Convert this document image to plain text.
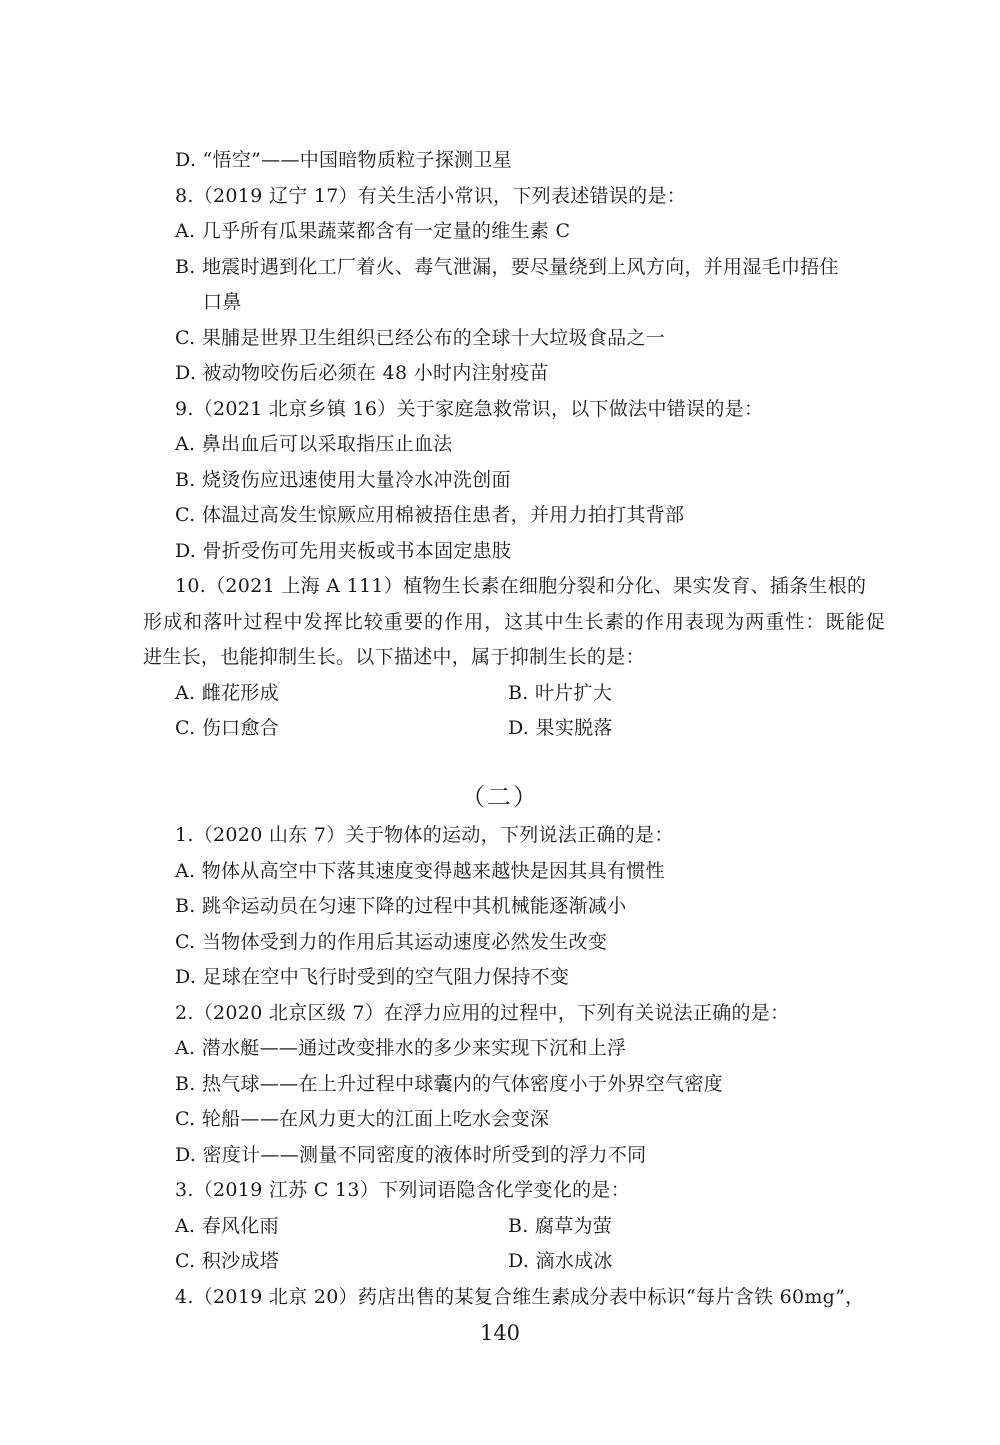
D. “悟空”——中国暗物质粒子探测卫星
8.（2019 辽宁 17）有关生活小常识，下列表述错误的是：
A. 几乎所有瓜果蔬菜都含有一定量的维生素 C
B. 地震时遇到化工厂着火、毒气泄漏，要尽量绕到上风方向，并用湿毛巾捂住
口鼻
C. 果脯是世界卫生组织已经公布的全球十大垃圾食品之一
D. 被动物咬伤后必须在 48 小时内注射疫苗
9.（2021 北京乡镇 16）关于家庭急救常识，以下做法中错误的是：
A. 鼻出血后可以采取指压止血法
B. 烧烫伤应迅速使用大量冷水冲洗创面
C. 体温过高发生惊厥应用棉被捂住患者，并用力拍打其背部
D. 骨折受伤可先用夹板或书本固定患肢
10.（2021 上海 A 111）植物生长素在细胞分裂和分化、果实发育、插条生根的
形成和落叶过程中发挥比较重要的作用，这其中生长素的作用表现为两重性：既能促
进生长，也能抑制生长。以下描述中，属于抑制生长的是：
A. 雌花形成	B. 叶片扩大
C. 伤口愈合	D. 果实脱落
（二）
1.（2020 山东 7）关于物体的运动，下列说法正确的是：
A. 物体从高空中下落其速度变得越来越快是因其具有惯性
B. 跳伞运动员在匀速下降的过程中其机械能逐渐减小
C. 当物体受到力的作用后其运动速度必然发生改变
D. 足球在空中飞行时受到的空气阻力保持不变
2.（2020 北京区级 7）在浮力应用的过程中，下列有关说法正确的是：
A. 潜水艇——通过改变排水的多少来实现下沉和上浮
B. 热气球——在上升过程中球囊内的气体密度小于外界空气密度
C. 轮船——在风力更大的江面上吃水会变深
D. 密度计——测量不同密度的液体时所受到的浮力不同
3.（2019 江苏 C 13）下列词语隐含化学变化的是：
A. 春风化雨	B. 腐草为萤
C. 积沙成塔	D. 滴水成冰
4.（2019 北京 20）药店出售的某复合维生素成分表中标识“每片含铁 60mg”，
140
